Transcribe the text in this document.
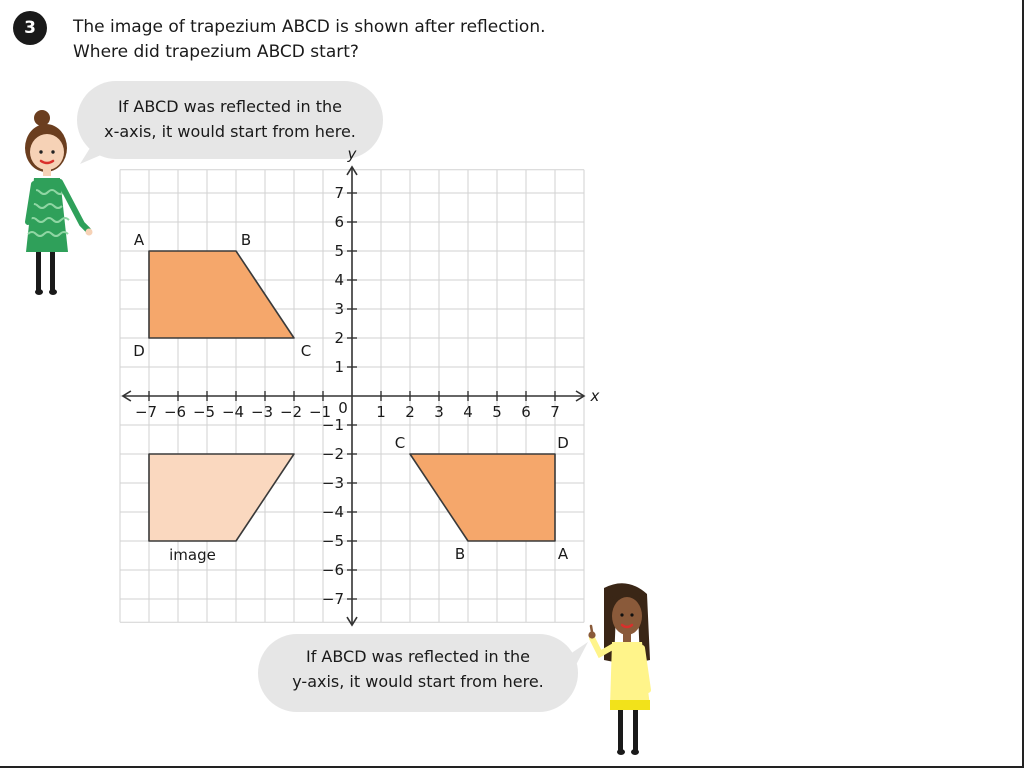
3	The image of trapezium ABCD is shown after reflection.
Where did trapezium ABCD start?
If ABCD was reflected in the
x-axis, it would start from here.
If ABCD was reflected in the
y-axis, it would start from here.
−7 −6 −5 −4 −3 −2 −1	1 2 3 4 5 6 7
7
6
5
4
3
2
1
−1
−2
−3
−4
−5
−6
−7
0
x
y
A	B
C
D
A
B
C	D
image
